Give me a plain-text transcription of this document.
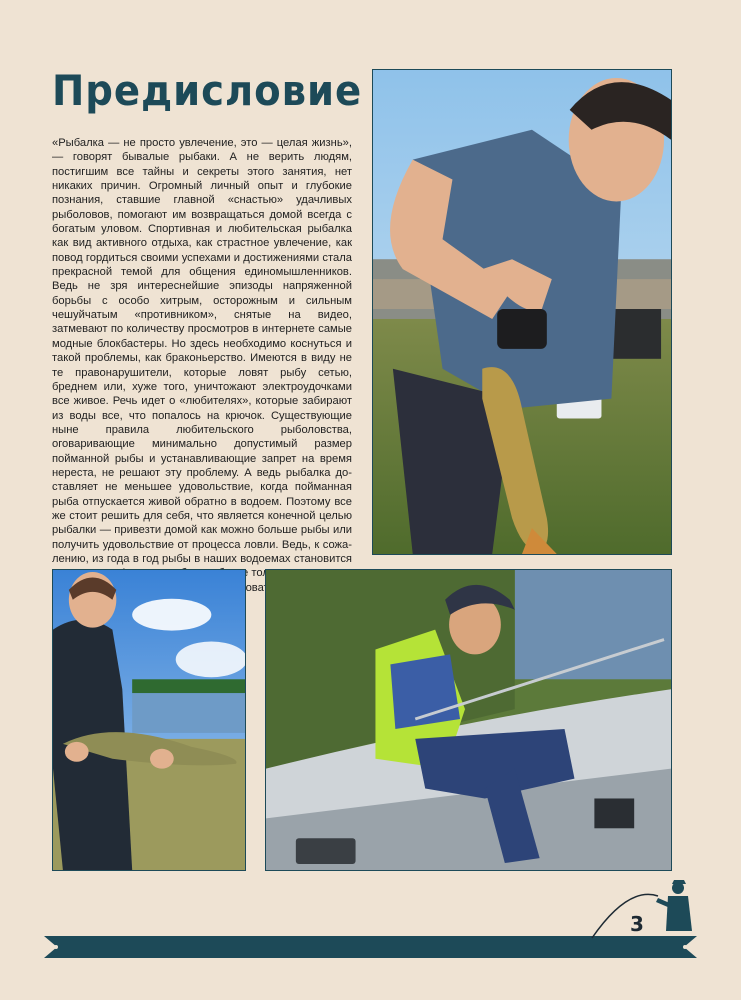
Предисловие
«Рыбалка — не просто увлечение, это — целая жизнь», — говорят бывалые рыбаки. А не верить людям, постигшим все тайны и секреты этого занятия, нет никаких причин. Огромный личный опыт и глубокие познания, ставшие главной «снастью» удачливых рыболовов, помогают им возвращаться домой всегда с богатым уловом. Спортивная и любительская рыбалка как вид активного отдыха, как страстное увлечение, как повод гордиться своими успехами и достижениями стала прекрасной темой для общения единомышленников. Ведь не зря интереснейшие эпизоды напряженной борьбы с особо хитрым, осторожным и сильным чешуйчатым «противником», снятые на видео, затмевают по количеству просмотров в интернете самые модные блокбастеры. Но здесь необходимо коснуться и такой проблемы, как браконьерство. Имеются в виду не те правонарушители, которые ловят рыбу сетью, бреднем или, хуже того, уничтожают электроудочками все живое. Речь идет о «любителях», которые забирают из воды все, что попалось на крючок. Существующие ныне правила любительского рыболовства, оговаривающие минимально допустимый размер пойманной рыбы и устанавливающие запрет на время нереста, не решают эту проблему. А ведь рыбалка доставляет не меньшее удовольствие, когда пойманная рыба отпускается живой обратно в водоем. Поэтому все же стоит решить для себя, что является конечной целью рыбалки — привезти домой как можно больше рыбы или получить удовольствие от процесса ловли. Ведь, к сожалению, из года в год рыбы в наших водоемах становится радоваться
3
